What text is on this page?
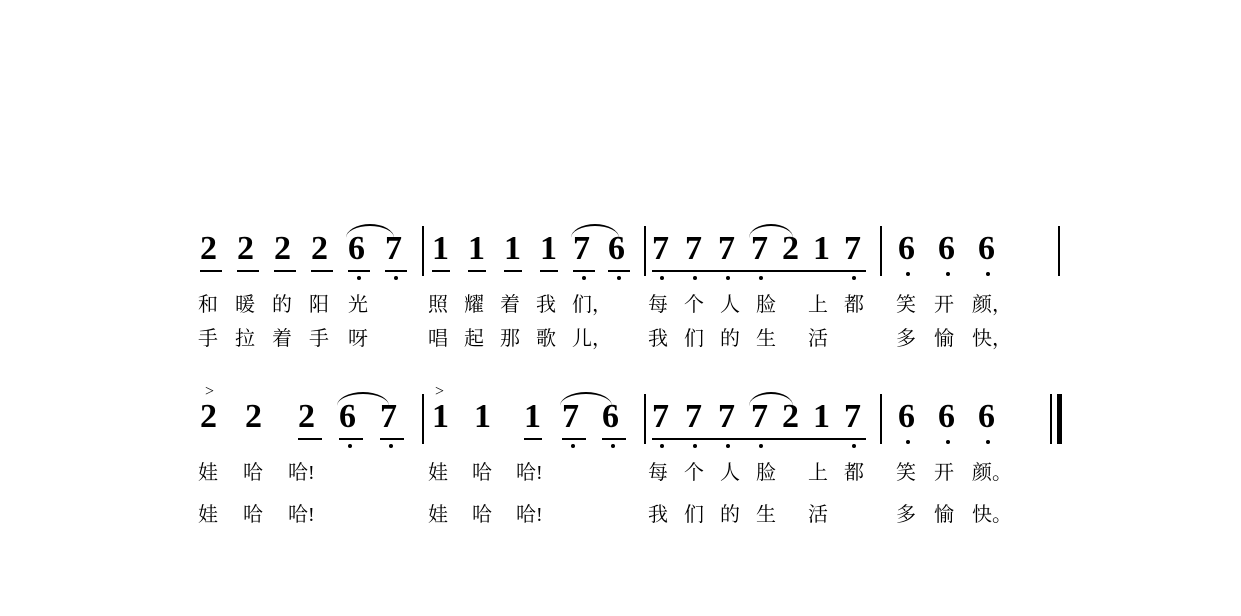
2 2 2 2 6 7 1 1 1 1 7 6 7 7 7 7 2 1 7 6 6 6
和 暖 的 阳 光	照 耀 着 我 们， 每 个 人 脸 上 都 笑 开 颜，
手 拉 着 手 呀	唱 起 那 歌 儿， 我 们 的 生 活	多 愉 快，
>
2 2 2 6 7
>
1 1 1 7 6 7 7 7 7 2 1 7 6 6 6
娃 哈 哈!	娃 哈 哈!	每 个 人 脸 上 都 笑 开 颜。
娃 哈 哈!	娃 哈 哈!	我 们 的 生 活	多 愉 快。
